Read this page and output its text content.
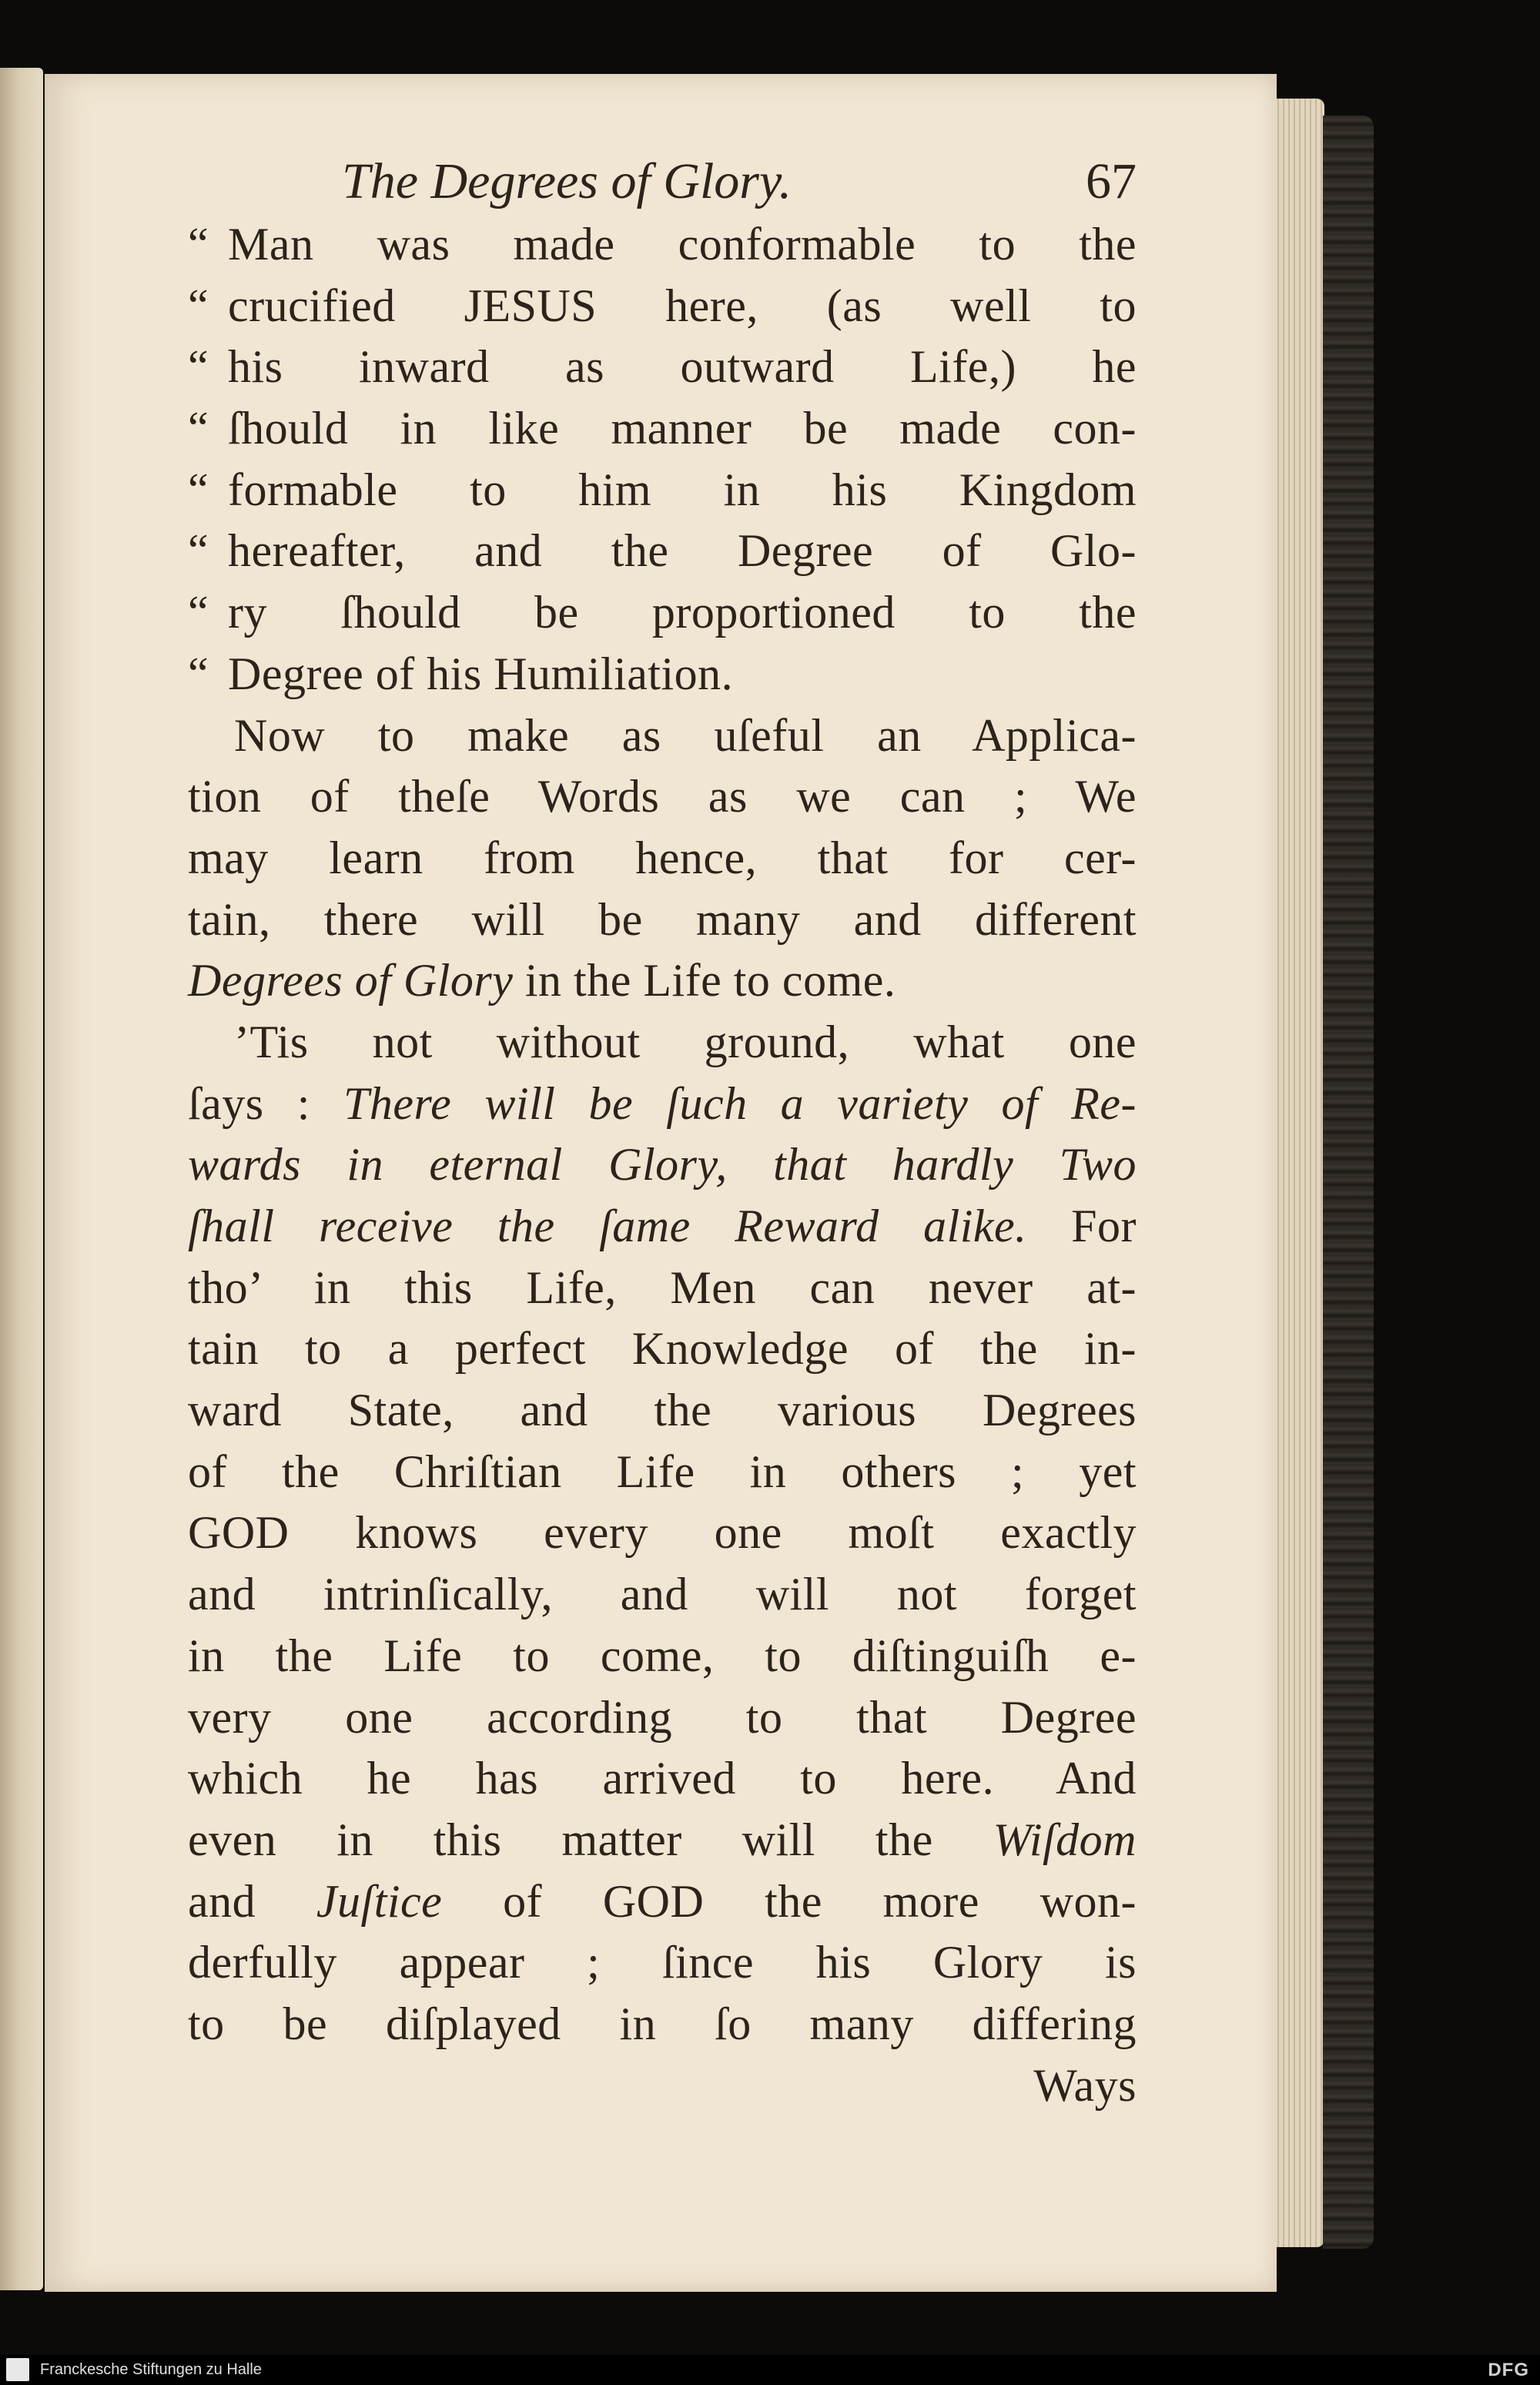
The Degrees of Glory.	67
“ Man was made conformable to the
“ crucified JESUS here, (as well to
“ his inward as outward Life,) he
“ ſhould in like manner be made con-
“ formable to him in his Kingdom
“ hereafter, and the Degree of Glo-
“ ry ſhould be proportioned to the
“ Degree of his Humiliation.
Now to make as uſeful an Applica-
tion of theſe Words as we can ; We
may learn from hence, that for cer-
tain, there will be many and different
Degrees of Glory in the Life to come.
’Tis not without ground, what one
ſays : There will be ſuch a variety of Re-
wards in eternal Glory, that hardly Two
ſhall receive the ſame Reward alike. For
tho’ in this Life, Men can never at-
tain to a perfect Knowledge of the in-
ward State, and the various Degrees
of the Chriſtian Life in others ; yet
GOD knows every one moſt exactly
and intrinſically, and will not forget
in the Life to come, to diſtinguiſh e-
very one according to that Degree
which he has arrived to here. And
even in this matter will the Wiſdom
and Juſtice of GOD the more won-
derfully appear ; ſince his Glory is
to be diſplayed in ſo many differing
Ways
Franckesche Stiftungen zu Halle	DFG
